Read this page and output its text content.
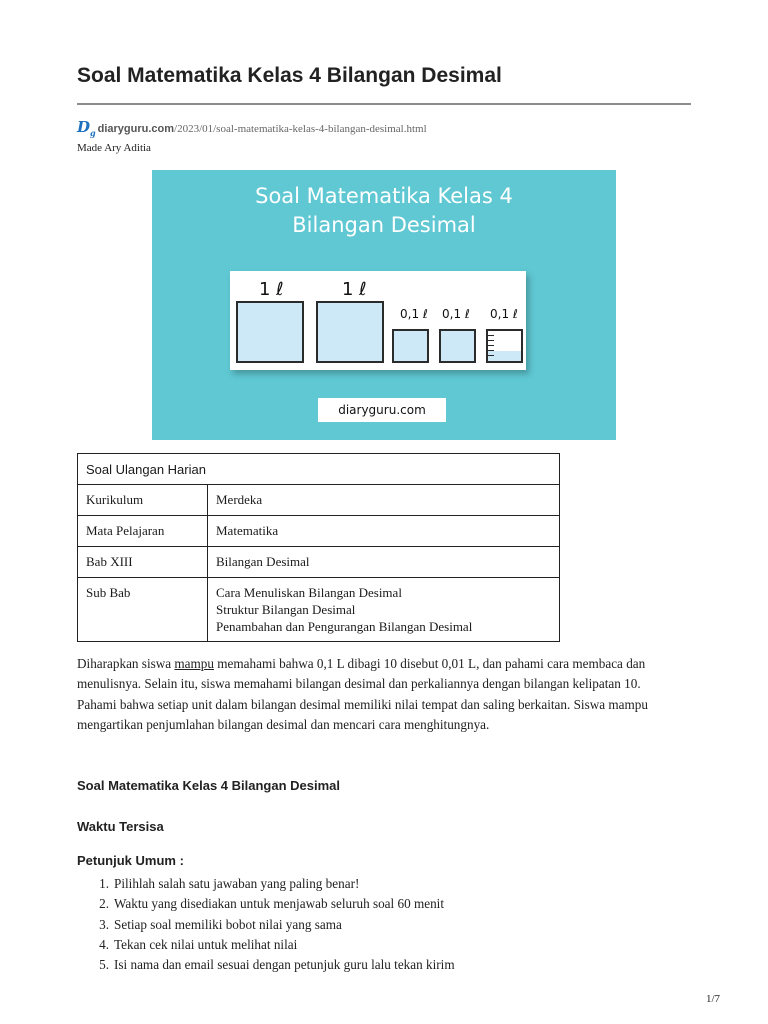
Soal Matematika Kelas 4 Bilangan Desimal
$D_g$ diaryguru.com /2023/01/soal-matematika-kelas-4-bilangan-desimal.html
Made Ary Aditia
Soal Matematika Kelas 4
Bilangan Desimal
1 ℓ	1 ℓ
0,1 ℓ 0,1 ℓ 0,1 ℓ
diaryguru.com
Soal Ulangan Harian	
Kurikulum	Merdeka
Mata Pelajaran	Matematika
Bab XIII	Bilangan Desimal
Sub Bab	Cara Menuliskan Bilangan Desimal
Struktur Bilangan Desimal
Penambahan dan Pengurangan Bilangan Desimal

Diharapkan siswa mampu memahami bahwa 0,1 L dibagi 10 disebut 0,01 L, dan pahami cara membaca dan menulisnya. Selain itu, siswa memahami bilangan desimal dan perkaliannya dengan bilangan kelipatan 10. Pahami bahwa setiap unit dalam bilangan desimal memiliki nilai tempat dan saling berkaitan. Siswa mampu mengartikan penjumlahan bilangan desimal dan mencari cara menghitungnya.

Soal Matematika Kelas 4 Bilangan Desimal
Waktu Tersisa
Petunjuk Umum :
1. Pilihlah salah satu jawaban yang paling benar!
2. Waktu yang disediakan untuk menjawab seluruh soal 60 menit
3. Setiap soal memiliki bobot nilai yang sama
4. Tekan cek nilai untuk melihat nilai
5. Isi nama dan email sesuai dengan petunjuk guru lalu tekan kirim
1/7
